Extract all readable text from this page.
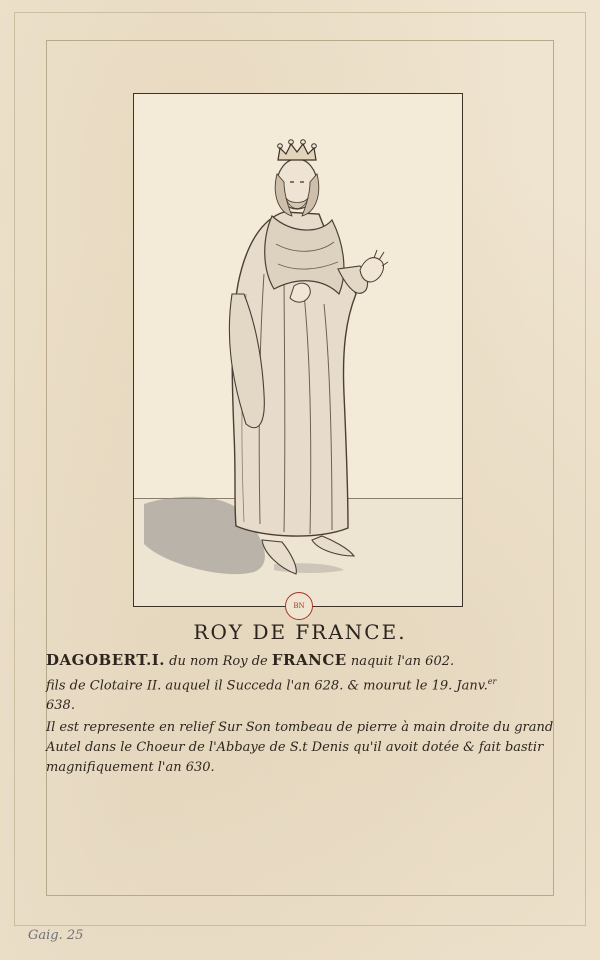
BN
ROY DE FRANCE.

DAGOBERT.I. du nom Roy de FRANCE naquit l'an 602.

fils de Clotaire II. auquel il Succeda l'an 628. & mourut le 19. Janv.$^{er}$

638.

Il est represente en relief Sur Son tombeau de pierre à main droite du grand Autel dans le Choeur de l'Abbaye de S.t Denis qu'il avoit dotée & fait bastir magnifiquement l'an 630.

Gaig. 25
